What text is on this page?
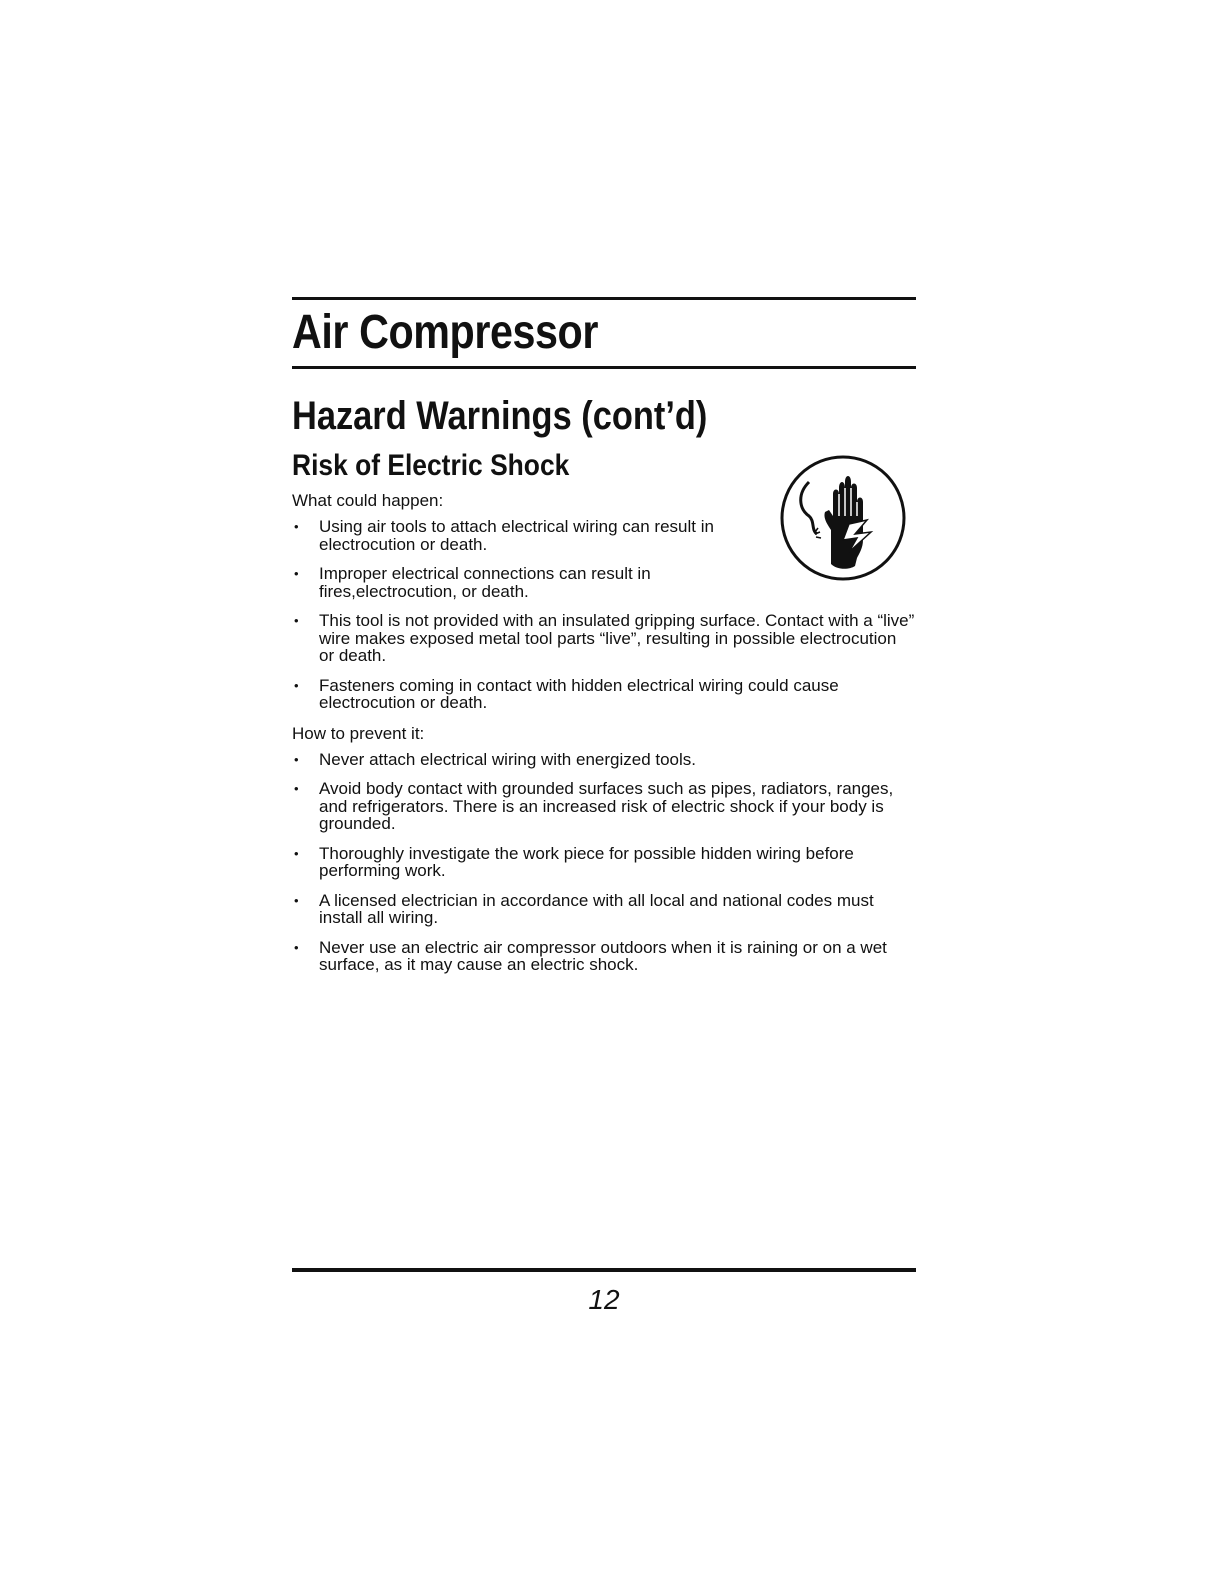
Air Compressor
Hazard Warnings (cont’d)
Risk of Electric Shock
What could happen:
• Using air tools to attach electrical wiring can result in electrocution or death.
• Improper electrical connections can result in fires,electrocution, or death.
• This tool is not provided with an insulated gripping surface. Contact with a “live” wire makes exposed metal tool parts “live”, resulting in possible electrocution or death.
• Fasteners coming in contact with hidden electrical wiring could cause electrocution or death.
How to prevent it:
• Never attach electrical wiring with energized tools.
• Avoid body contact with grounded surfaces such as pipes, radiators, ranges, and refrigerators. There is an increased risk of electric shock if your body is grounded.
• Thoroughly investigate the work piece for possible hidden wiring before performing work.
• A licensed electrician in accordance with all local and national codes must install all wiring.
• Never use an electric air compressor outdoors when it is raining or on a wet surface, as it may cause an electric shock.
12
